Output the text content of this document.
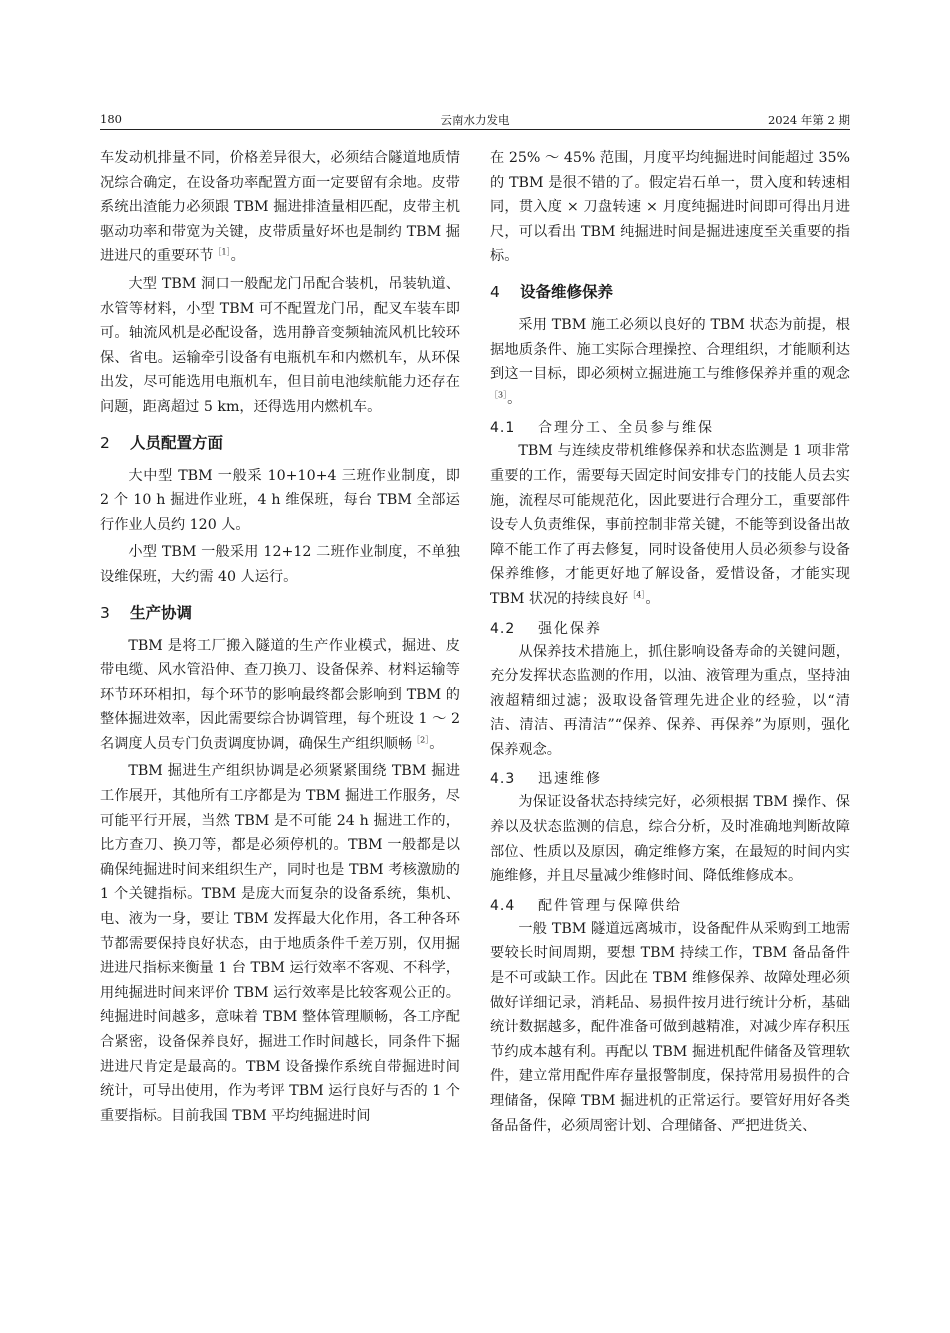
180	云南水力发电	2024 年第 2 期

车发动机排量不同，价格差异很大，必须结合隧道地质情况综合确定，在设备功率配置方面一定要留有余地。皮带系统出渣能力必须跟 TBM 掘进排渣量相匹配，皮带主机驱动功率和带宽为关键，皮带质量好坏也是制约 TBM 掘进进尺的重要环节$^{[1]}$。

大型 TBM 洞口一般配龙门吊配合装机，吊装轨道、水管等材料，小型 TBM 可不配置龙门吊，配叉车装车即可。轴流风机是必配设备，选用静音变频轴流风机比较环保、省电。运输牵引设备有电瓶机车和内燃机车，从环保出发，尽可能选用电瓶机车，但目前电池续航能力还存在问题，距离超过 5 km，还得选用内燃机车。

2 人员配置方面

大中型 TBM 一般采 10+10+4 三班作业制度，即 2 个 10 h 掘进作业班，4 h 维保班，每台 TBM 全部运行作业人员约 120 人。

小型 TBM 一般采用 12+12 二班作业制度，不单独设维保班，大约需 40 人运行。

3 生产协调

TBM 是将工厂搬入隧道的生产作业模式，掘进、皮带电缆、风水管沿伸、查刀换刀、设备保养、材料运输等环节环环相扣，每个环节的影响最终都会影响到 TBM 的整体掘进效率，因此需要综合协调管理，每个班设 1 ～ 2 名调度人员专门负责调度协调，确保生产组织顺畅$^{[2]}$。

TBM 掘进生产组织协调是必须紧紧围绕 TBM 掘进工作展开，其他所有工序都是为 TBM 掘进工作服务，尽可能平行开展，当然 TBM 是不可能 24 h 掘进工作的，比方查刀、换刀等，都是必须停机的。TBM 一般都是以确保纯掘进时间来组织生产，同时也是 TBM 考核激励的 1 个关键指标。TBM 是庞大而复杂的设备系统，集机、电、液为一身，要让 TBM 发挥最大化作用，各工种各环节都需要保持良好状态，由于地质条件千差万别，仅用掘进进尺指标来衡量 1 台 TBM 运行效率不客观、不科学，用纯掘进时间来评价 TBM 运行效率是比较客观公正的。纯掘进时间越多，意味着 TBM 整体管理顺畅，各工序配合紧密，设备保养良好，掘进工作时间越长，同条件下掘进进尺肯定是最高的。TBM 设备操作系统自带掘进时间统计，可导出使用，作为考评 TBM 运行良好与否的 1 个重要指标。目前我国 TBM 平均纯掘进时间

在 25% ～ 45% 范围，月度平均纯掘进时间能超过 35% 的 TBM 是很不错的了。假定岩石单一，贯入度和转速相同，贯入度 × 刀盘转速 × 月度纯掘进时间即可得出月进尺，可以看出 TBM 纯掘进时间是掘进速度至关重要的指标。

4 设备维修保养

采用 TBM 施工必须以良好的 TBM 状态为前提，根据地质条件、施工实际合理操控、合理组织，才能顺利达到这一目标，即必须树立掘进施工与维修保养并重的观念$^{[3]}$。

4.1 合理分工、全员参与维保

TBM 与连续皮带机维修保养和状态监测是 1 项非常重要的工作，需要每天固定时间安排专门的技能人员去实施，流程尽可能规范化，因此要进行合理分工，重要部件设专人负责维保，事前控制非常关键，不能等到设备出故障不能工作了再去修复，同时设备使用人员必须参与设备保养维修，才能更好地了解设备，爱惜设备，才能实现 TBM 状况的持续良好$^{[4]}$。

4.2 强化保养

从保养技术措施上，抓住影响设备寿命的关键问题，充分发挥状态监测的作用，以油、液管理为重点，坚持油液超精细过滤；汲取设备管理先进企业的经验，以“清洁、清洁、再清洁”“保养、保养、再保养”为原则，强化保养观念。

4.3 迅速维修

为保证设备状态持续完好，必须根据 TBM 操作、保养以及状态监测的信息，综合分析，及时准确地判断故障部位、性质以及原因，确定维修方案，在最短的时间内实施维修，并且尽量减少维修时间、降低维修成本。

4.4 配件管理与保障供给

一般 TBM 隧道远离城市，设备配件从采购到工地需要较长时间周期，要想 TBM 持续工作，TBM 备品备件是不可或缺工作。因此在 TBM 维修保养、故障处理必须做好详细记录，消耗品、易损件按月进行统计分析，基础统计数据越多，配件准备可做到越精准，对减少库存积压节约成本越有利。再配以 TBM 掘进机配件储备及管理软件，建立常用配件库存量报警制度，保持常用易损件的合理储备，保障 TBM 掘进机的正常运行。要管好用好各类备品备件，必须周密计划、合理储备、严把进货关、
